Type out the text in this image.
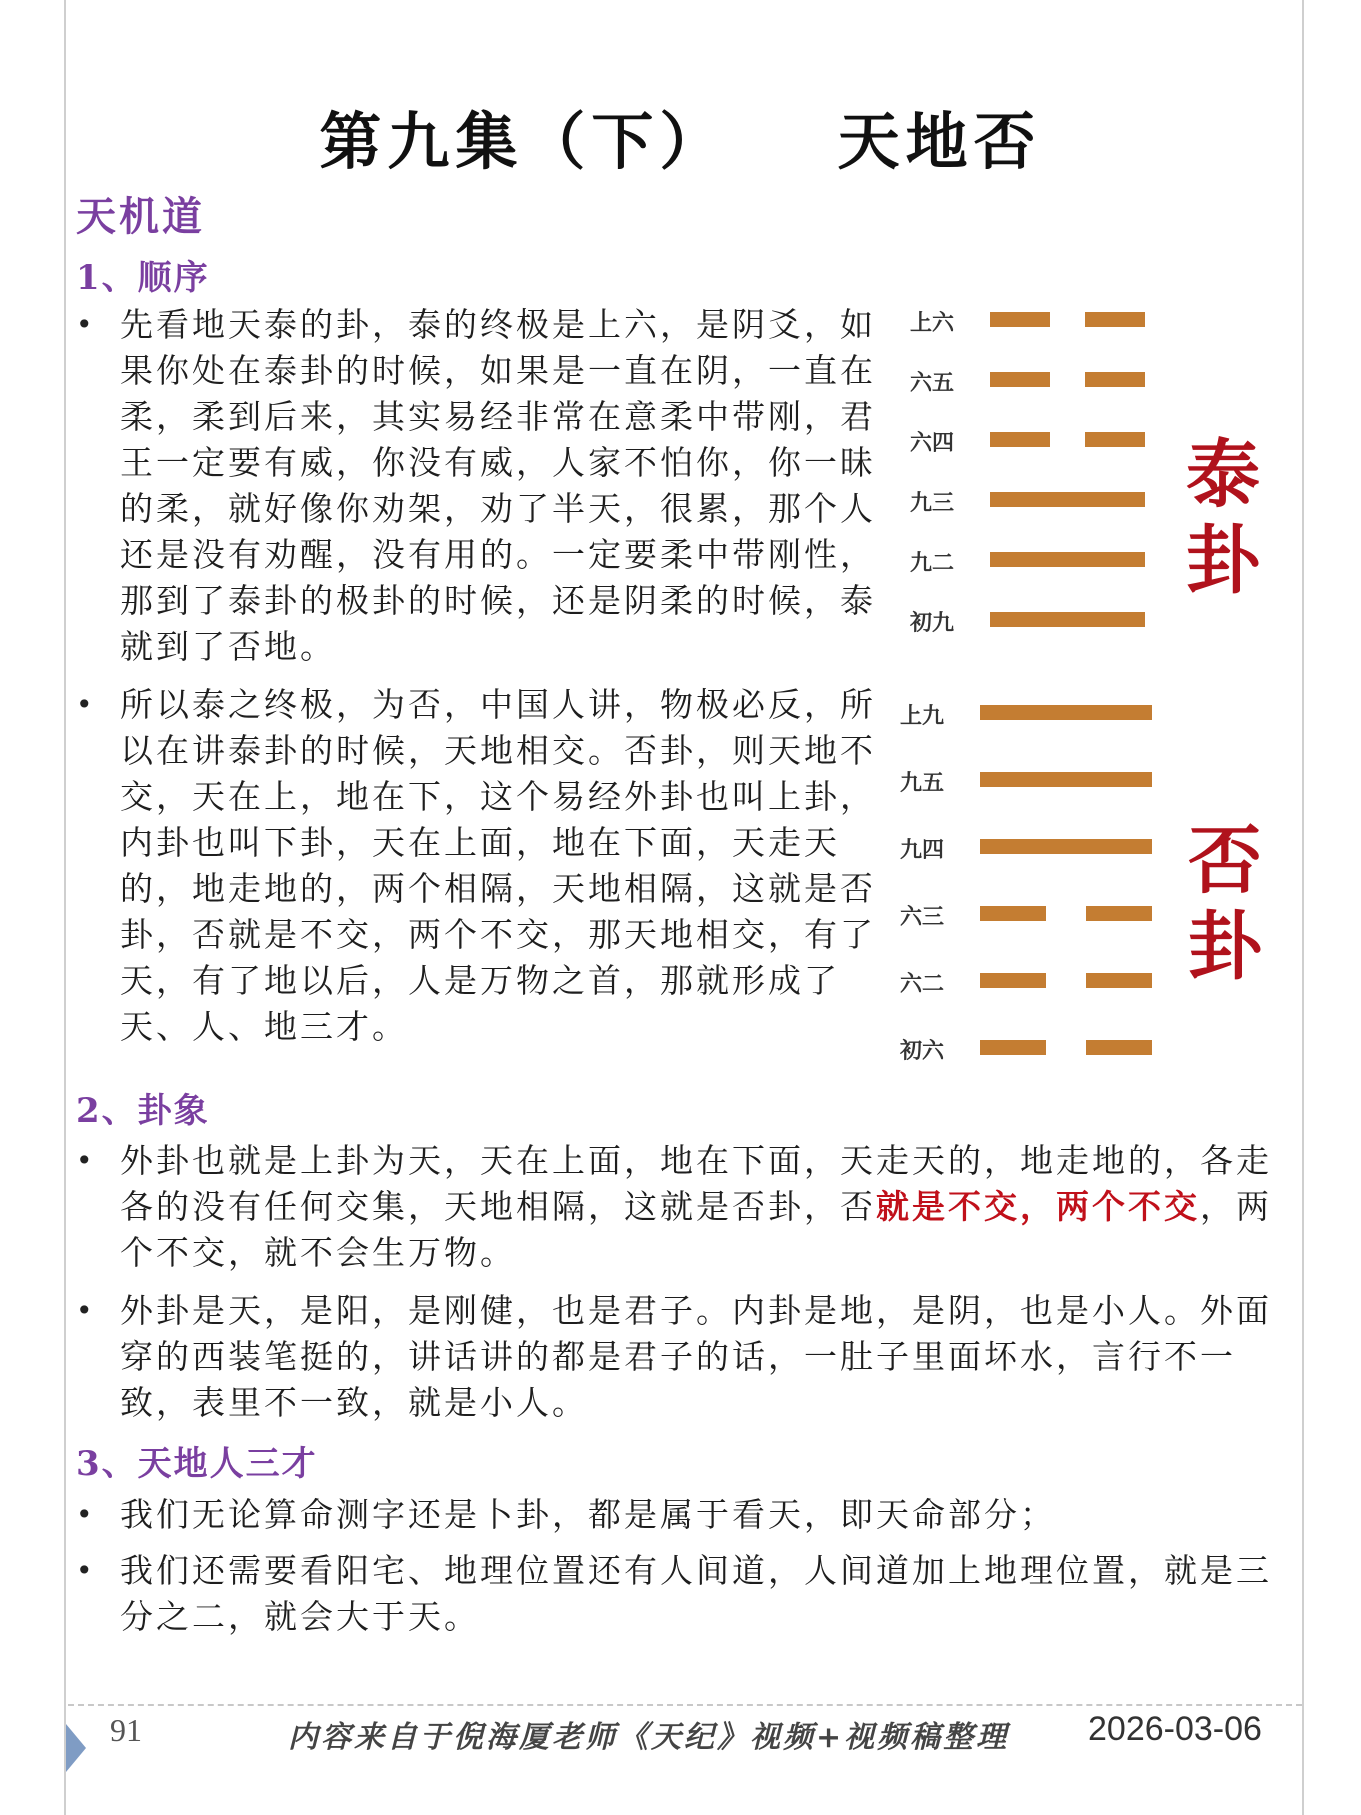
第九集（下）    天地否
天机道
1、顺序
• 先看地天泰的卦，泰的终极是上六，是阴爻，如果你处在泰卦的时候，如果是一直在阴，一直在柔，柔到后来，其实易经非常在意柔中带刚，君王一定要有威，你没有威，人家不怕你，你一昧的柔，就好像你劝架，劝了半天，很累，那个人还是没有劝醒，没有用的。一定要柔中带刚性，那到了泰卦的极卦的时候，还是阴柔的时候，泰就到了否地。
• 所以泰之终极，为否，中国人讲，物极必反，所以在讲泰卦的时候，天地相交。否卦，则天地不交，天在上，地在下，这个易经外卦也叫上卦，内卦也叫下卦，天在上面，地在下面，天走天的，地走地的，两个相隔，天地相隔，这就是否卦，否就是不交，两个不交，那天地相交，有了天，有了地以后，人是万物之首，那就形成了天、人、地三才。
上六
六五
六四
九三
九二
初九
泰卦
上九
九五
九四
六三
六二
初六
否卦
2、卦象
• 外卦也就是上卦为天，天在上面，地在下面，天走天的，地走地的，各走各的没有任何交集，天地相隔，这就是否卦，否就是不交，两个不交，两个不交，就不会生万物。
• 外卦是天，是阳，是刚健，也是君子。内卦是地，是阴，也是小人。外面穿的西装笔挺的，讲话讲的都是君子的话，一肚子里面坏水，言行不一致，表里不一致，就是小人。
3、天地人三才
• 我们无论算命测字还是卜卦，都是属于看天，即天命部分；
• 我们还需要看阳宅、地理位置还有人间道，人间道加上地理位置，就是三分之二，就会大于天。
91	内容来自于倪海厦老师《天纪》视频+视频稿整理 2026-03-06
